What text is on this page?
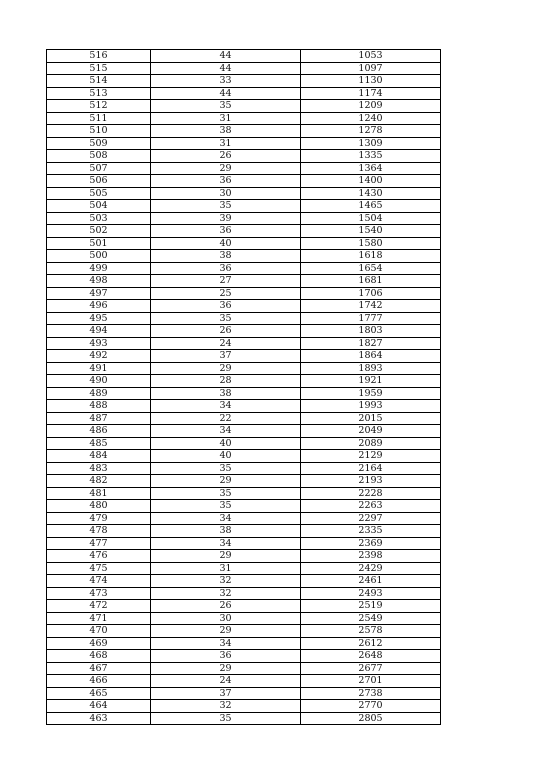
516	44	1053
515	44	1097
514	33	1130
513	44	1174
512	35	1209
511	31	1240
510	38	1278
509	31	1309
508	26	1335
507	29	1364
506	36	1400
505	30	1430
504	35	1465
503	39	1504
502	36	1540
501	40	1580
500	38	1618
499	36	1654
498	27	1681
497	25	1706
496	36	1742
495	35	1777
494	26	1803
493	24	1827
492	37	1864
491	29	1893
490	28	1921
489	38	1959
488	34	1993
487	22	2015
486	34	2049
485	40	2089
484	40	2129
483	35	2164
482	29	2193
481	35	2228
480	35	2263
479	34	2297
478	38	2335
477	34	2369
476	29	2398
475	31	2429
474	32	2461
473	32	2493
472	26	2519
471	30	2549
470	29	2578
469	34	2612
468	36	2648
467	29	2677
466	24	2701
465	37	2738
464	32	2770
463	35	2805
